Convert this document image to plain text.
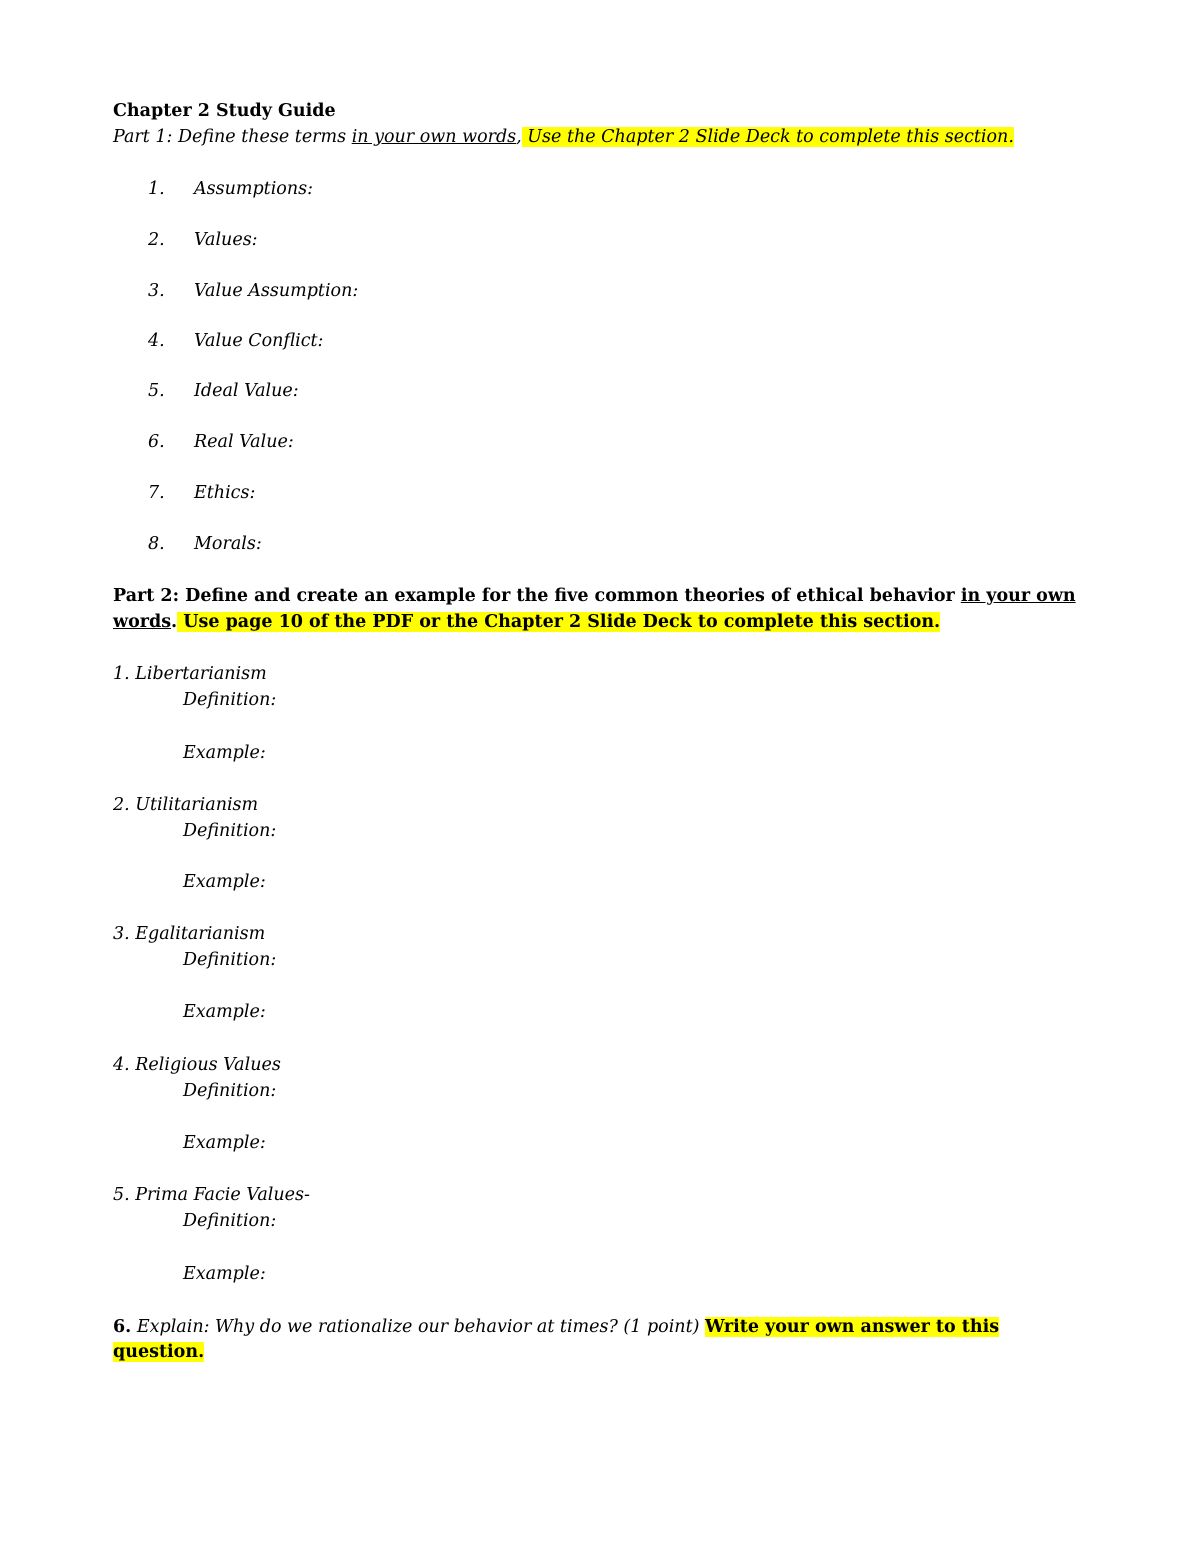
Chapter 2 Study Guide
Part 1: Define these terms in your own words, Use the Chapter 2 Slide Deck to complete this section.
1. Assumptions:
2. Values:
3. Value Assumption:
4. Value Conflict:
5. Ideal Value:
6. Real Value:
7. Ethics:
8. Morals:
Part 2: Define and create an example for the five common theories of ethical behavior in your own
words. Use page 10 of the PDF or the Chapter 2 Slide Deck to complete this section.
1. Libertarianism
Definition:
Example:
2. Utilitarianism
Definition:
Example:
3. Egalitarianism
Definition:
Example:
4. Religious Values
Definition:
Example:
5. Prima Facie Values-
Definition:
Example:
6. Explain: Why do we rationalize our behavior at times? (1 point) Write your own answer to this
question.
